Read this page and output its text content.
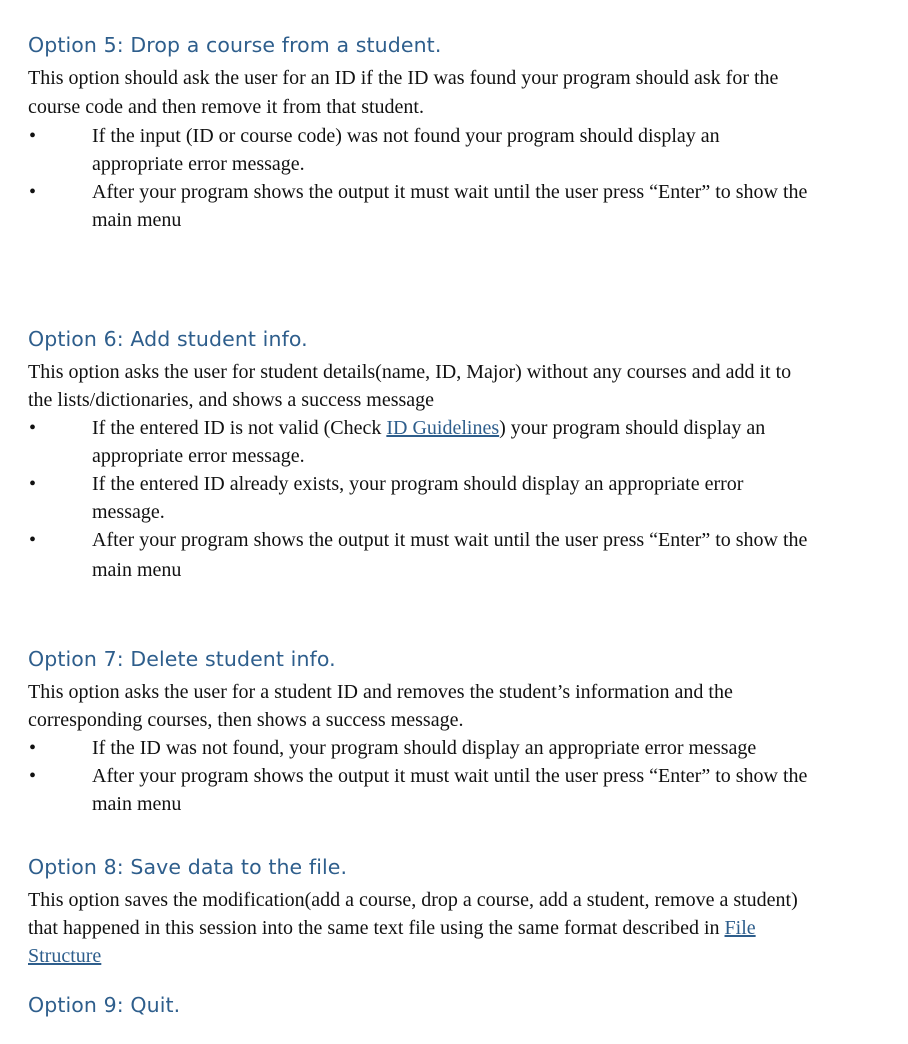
Option 5: Drop a course from a student.
This option should ask the user for an ID if the ID was found your program should ask for the
course code and then remove it from that student.
•	If the input (ID or course code) was not found your program should display an
appropriate error message.
•	After your program shows the output it must wait until the user press “Enter” to show the
main menu
Option 6: Add student info.
This option asks the user for student details(name, ID, Major) without any courses and add it to
the lists/dictionaries, and shows a success message
•	If the entered ID is not valid (Check ID Guidelines) your program should display an
appropriate error message.
•	If the entered ID already exists, your program should display an appropriate error
message.
•	After your program shows the output it must wait until the user press “Enter” to show the
main menu
Option 7: Delete student info.
This option asks the user for a student ID and removes the student’s information and the
corresponding courses, then shows a success message.
•	If the ID was not found, your program should display an appropriate error message
•	After your program shows the output it must wait until the user press “Enter” to show the
main menu
Option 8: Save data to the file.
This option saves the modification(add a course, drop a course, add a student, remove a student)
that happened in this session into the same text file using the same format described in File
Structure
Option 9: Quit.
